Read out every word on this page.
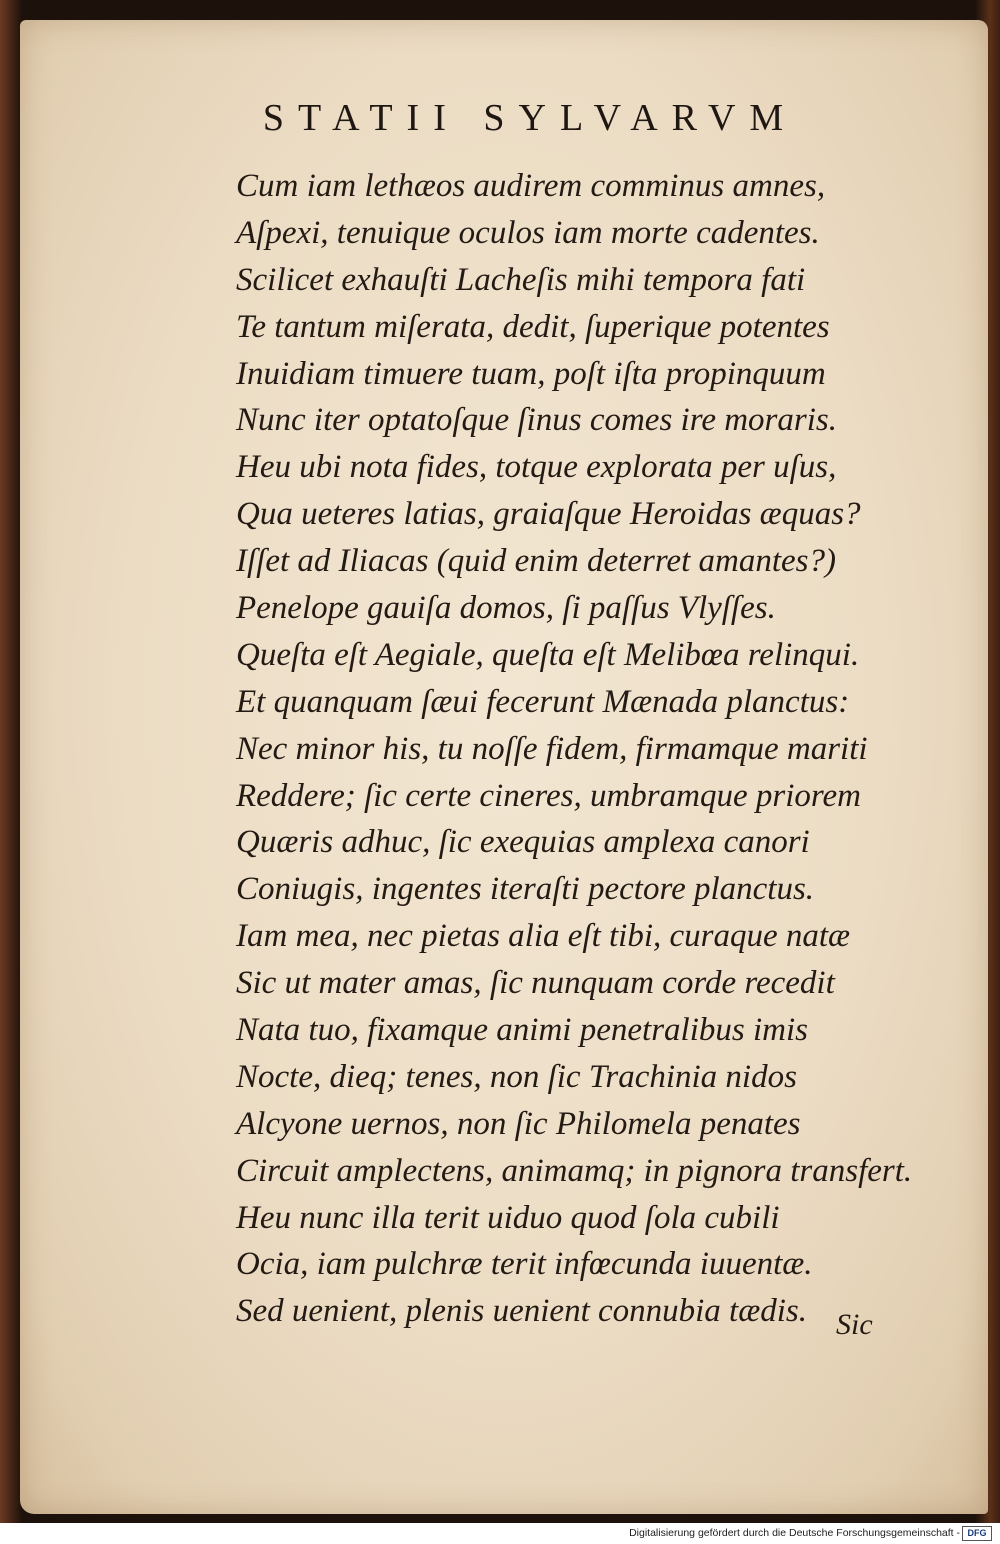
STATII SYLVARVM
Cum iam lethæos audirem comminus amnes,
Aſpexi, tenuique oculos iam morte cadentes.
Scilicet exhauſti Lacheſis mihi tempora fati
Te tantum miſerata, dedit, ſuperique potentes
Inuidiam timuere tuam, poſt iſta propinquum
Nunc iter optatoſque ſinus comes ire moraris.
Heu ubi nota fides, totque explorata per uſus,
Qua ueteres latias, graiaſque Heroidas æquas?
Iſſet ad Iliacas (quid enim deterret amantes?)
Penelope gauiſa domos, ſi paſſus Vlyſſes.
Queſta eſt Aegiale, queſta eſt Melibœa relinqui.
Et quanquam ſæui fecerunt Mænada planctus:
Nec minor his, tu noſſe fidem, firmamque mariti
Reddere; ſic certe cineres, umbramque priorem
Quæris adhuc, ſic exequias amplexa canori
Coniugis, ingentes iteraſti pectore planctus.
Iam mea, nec pietas alia eſt tibi, curaque natæ
Sic ut mater amas, ſic nunquam corde recedit
Nata tuo, fixamque animi penetralibus imis
Nocte, dieq; tenes, non ſic Trachinia nidos
Alcyone uernos, non ſic Philomela penates
Circuit amplectens, animamq; in pignora transfert.
Heu nunc illa terit uiduo quod ſola cubili
Ocia, iam pulchræ terit infœcunda iuuentæ.
Sed uenient, plenis uenient connubia tædis. Sic
Digitalisierung gefördert durch die Deutsche Forschungsgemeinschaft - DFG
